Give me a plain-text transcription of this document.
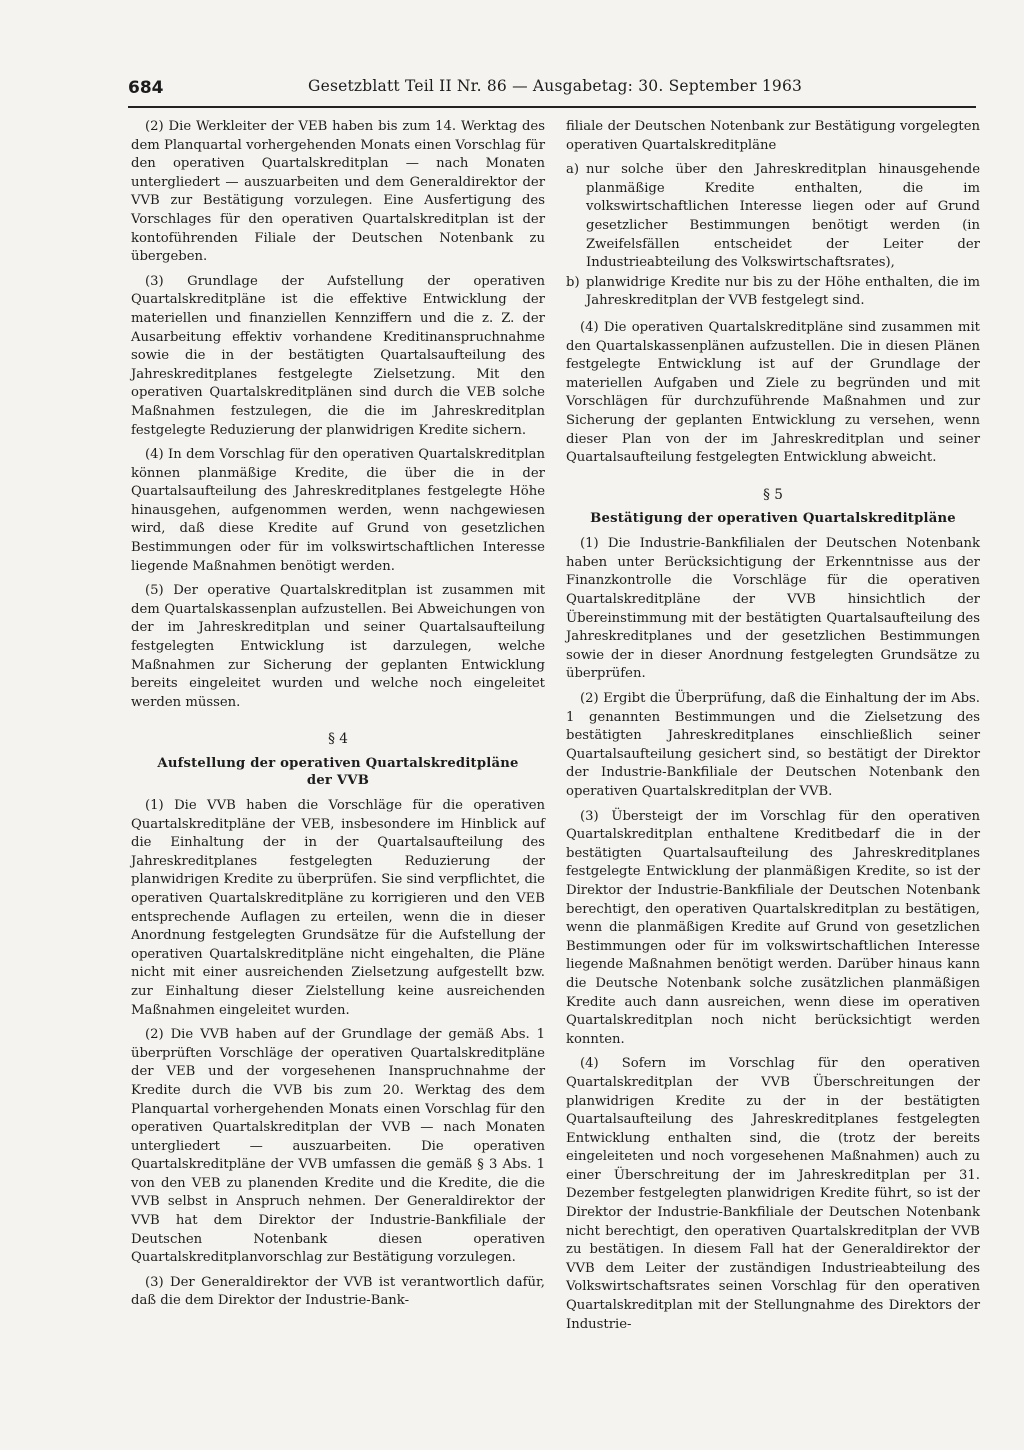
684	Gesetzblatt Teil II Nr. 86 — Ausgabetag: 30. September 1963

(2) Die Werkleiter der VEB haben bis zum 14. Werktag des dem Planquartal vorhergehenden Monats einen Vorschlag für den operativen Quartalskreditplan — nach Monaten untergliedert — auszuarbeiten und dem Generaldirektor der VVB zur Bestätigung vorzulegen. Eine Ausfertigung des Vorschlages für den operativen Quartalskreditplan ist der kontoführenden Filiale der Deutschen Notenbank zu übergeben.

(3) Grundlage der Aufstellung der operativen Quartalskreditpläne ist die effektive Entwicklung der materiellen und finanziellen Kennziffern und die z. Z. der Ausarbeitung effektiv vorhandene Kreditinanspruchnahme sowie die in der bestätigten Quartalsaufteilung des Jahreskreditplanes festgelegte Zielsetzung. Mit den operativen Quartalskreditplänen sind durch die VEB solche Maßnahmen festzulegen, die die im Jahreskreditplan festgelegte Reduzierung der planwidrigen Kredite sichern.

(4) In dem Vorschlag für den operativen Quartalskreditplan können planmäßige Kredite, die über die in der Quartalsaufteilung des Jahreskreditplanes festgelegte Höhe hinausgehen, aufgenommen werden, wenn nachgewiesen wird, daß diese Kredite auf Grund von gesetzlichen Bestimmungen oder für im volkswirtschaftlichen Interesse liegende Maßnahmen benötigt werden.

(5) Der operative Quartalskreditplan ist zusammen mit dem Quartalskassenplan aufzustellen. Bei Abweichungen von der im Jahreskreditplan und seiner Quartalsaufteilung festgelegten Entwicklung ist darzulegen, welche Maßnahmen zur Sicherung der geplanten Entwicklung bereits eingeleitet wurden und welche noch eingeleitet werden müssen.

§ 4
Aufstellung der operativen Quartalskreditpläne der VVB

(1) Die VVB haben die Vorschläge für die operativen Quartalskreditpläne der VEB, insbesondere im Hinblick auf die Einhaltung der in der Quartalsaufteilung des Jahreskreditplanes festgelegten Reduzierung der planwidrigen Kredite zu überprüfen. Sie sind verpflichtet, die operativen Quartalskreditpläne zu korrigieren und den VEB entsprechende Auflagen zu erteilen, wenn die in dieser Anordnung festgelegten Grundsätze für die Aufstellung der operativen Quartalskreditpläne nicht eingehalten, die Pläne nicht mit einer ausreichenden Zielsetzung aufgestellt bzw. zur Einhaltung dieser Zielstellung keine ausreichenden Maßnahmen eingeleitet wurden.

(2) Die VVB haben auf der Grundlage der gemäß Abs. 1 überprüften Vorschläge der operativen Quartalskreditpläne der VEB und der vorgesehenen Inanspruchnahme der Kredite durch die VVB bis zum 20. Werktag des dem Planquartal vorhergehenden Monats einen Vorschlag für den operativen Quartalskreditplan der VVB — nach Monaten untergliedert — auszuarbeiten. Die operativen Quartalskreditpläne der VVB umfassen die gemäß § 3 Abs. 1 von den VEB zu planenden Kredite und die Kredite, die die VVB selbst in Anspruch nehmen. Der Generaldirektor der VVB hat dem Direktor der Industrie-Bankfiliale der Deutschen Notenbank diesen operativen Quartalskreditplanvorschlag zur Bestätigung vorzulegen.

(3) Der Generaldirektor der VVB ist verantwortlich dafür, daß die dem Direktor der Industrie-Bank-

filiale der Deutschen Notenbank zur Bestätigung vorgelegten operativen Quartalskreditpläne

a) nur solche über den Jahreskreditplan hinausgehende planmäßige Kredite enthalten, die im volkswirtschaftlichen Interesse liegen oder auf Grund gesetzlicher Bestimmungen benötigt werden (in Zweifelsfällen entscheidet der Leiter der Industrieabteilung des Volkswirtschaftsrates),
b) planwidrige Kredite nur bis zu der Höhe enthalten, die im Jahreskreditplan der VVB festgelegt sind.

(4) Die operativen Quartalskreditpläne sind zusammen mit den Quartalskassenplänen aufzustellen. Die in diesen Plänen festgelegte Entwicklung ist auf der Grundlage der materiellen Aufgaben und Ziele zu begründen und mit Vorschlägen für durchzuführende Maßnahmen und zur Sicherung der geplanten Entwicklung zu versehen, wenn dieser Plan von der im Jahreskreditplan und seiner Quartalsaufteilung festgelegten Entwicklung abweicht.

§ 5
Bestätigung der operativen Quartalskreditpläne

(1) Die Industrie-Bankfilialen der Deutschen Notenbank haben unter Berücksichtigung der Erkenntnisse aus der Finanzkontrolle die Vorschläge für die operativen Quartalskreditpläne der VVB hinsichtlich der Übereinstimmung mit der bestätigten Quartalsaufteilung des Jahreskreditplanes und der gesetzlichen Bestimmungen sowie der in dieser Anordnung festgelegten Grundsätze zu überprüfen.

(2) Ergibt die Überprüfung, daß die Einhaltung der im Abs. 1 genannten Bestimmungen und die Zielsetzung des bestätigten Jahreskreditplanes einschließlich seiner Quartalsaufteilung gesichert sind, so bestätigt der Direktor der Industrie-Bankfiliale der Deutschen Notenbank den operativen Quartalskreditplan der VVB.

(3) Übersteigt der im Vorschlag für den operativen Quartalskreditplan enthaltene Kreditbedarf die in der bestätigten Quartalsaufteilung des Jahreskreditplanes festgelegte Entwicklung der planmäßigen Kredite, so ist der Direktor der Industrie-Bankfiliale der Deutschen Notenbank berechtigt, den operativen Quartalskreditplan zu bestätigen, wenn die planmäßigen Kredite auf Grund von gesetzlichen Bestimmungen oder für im volkswirtschaftlichen Interesse liegende Maßnahmen benötigt werden. Darüber hinaus kann die Deutsche Notenbank solche zusätzlichen planmäßigen Kredite auch dann ausreichen, wenn diese im operativen Quartalskreditplan noch nicht berücksichtigt werden konnten.

(4) Sofern im Vorschlag für den operativen Quartalskreditplan der VVB Überschreitungen der planwidrigen Kredite zu der in der bestätigten Quartalsaufteilung des Jahreskreditplanes festgelegten Entwicklung enthalten sind, die (trotz der bereits eingeleiteten und noch vorgesehenen Maßnahmen) auch zu einer Überschreitung der im Jahreskreditplan per 31. Dezember festgelegten planwidrigen Kredite führt, so ist der Direktor der Industrie-Bankfiliale der Deutschen Notenbank nicht berechtigt, den operativen Quartalskreditplan der VVB zu bestätigen. In diesem Fall hat der Generaldirektor der VVB dem Leiter der zuständigen Industrieabteilung des Volkswirtschaftsrates seinen Vorschlag für den operativen Quartalskreditplan mit der Stellungnahme des Direktors der Industrie-
